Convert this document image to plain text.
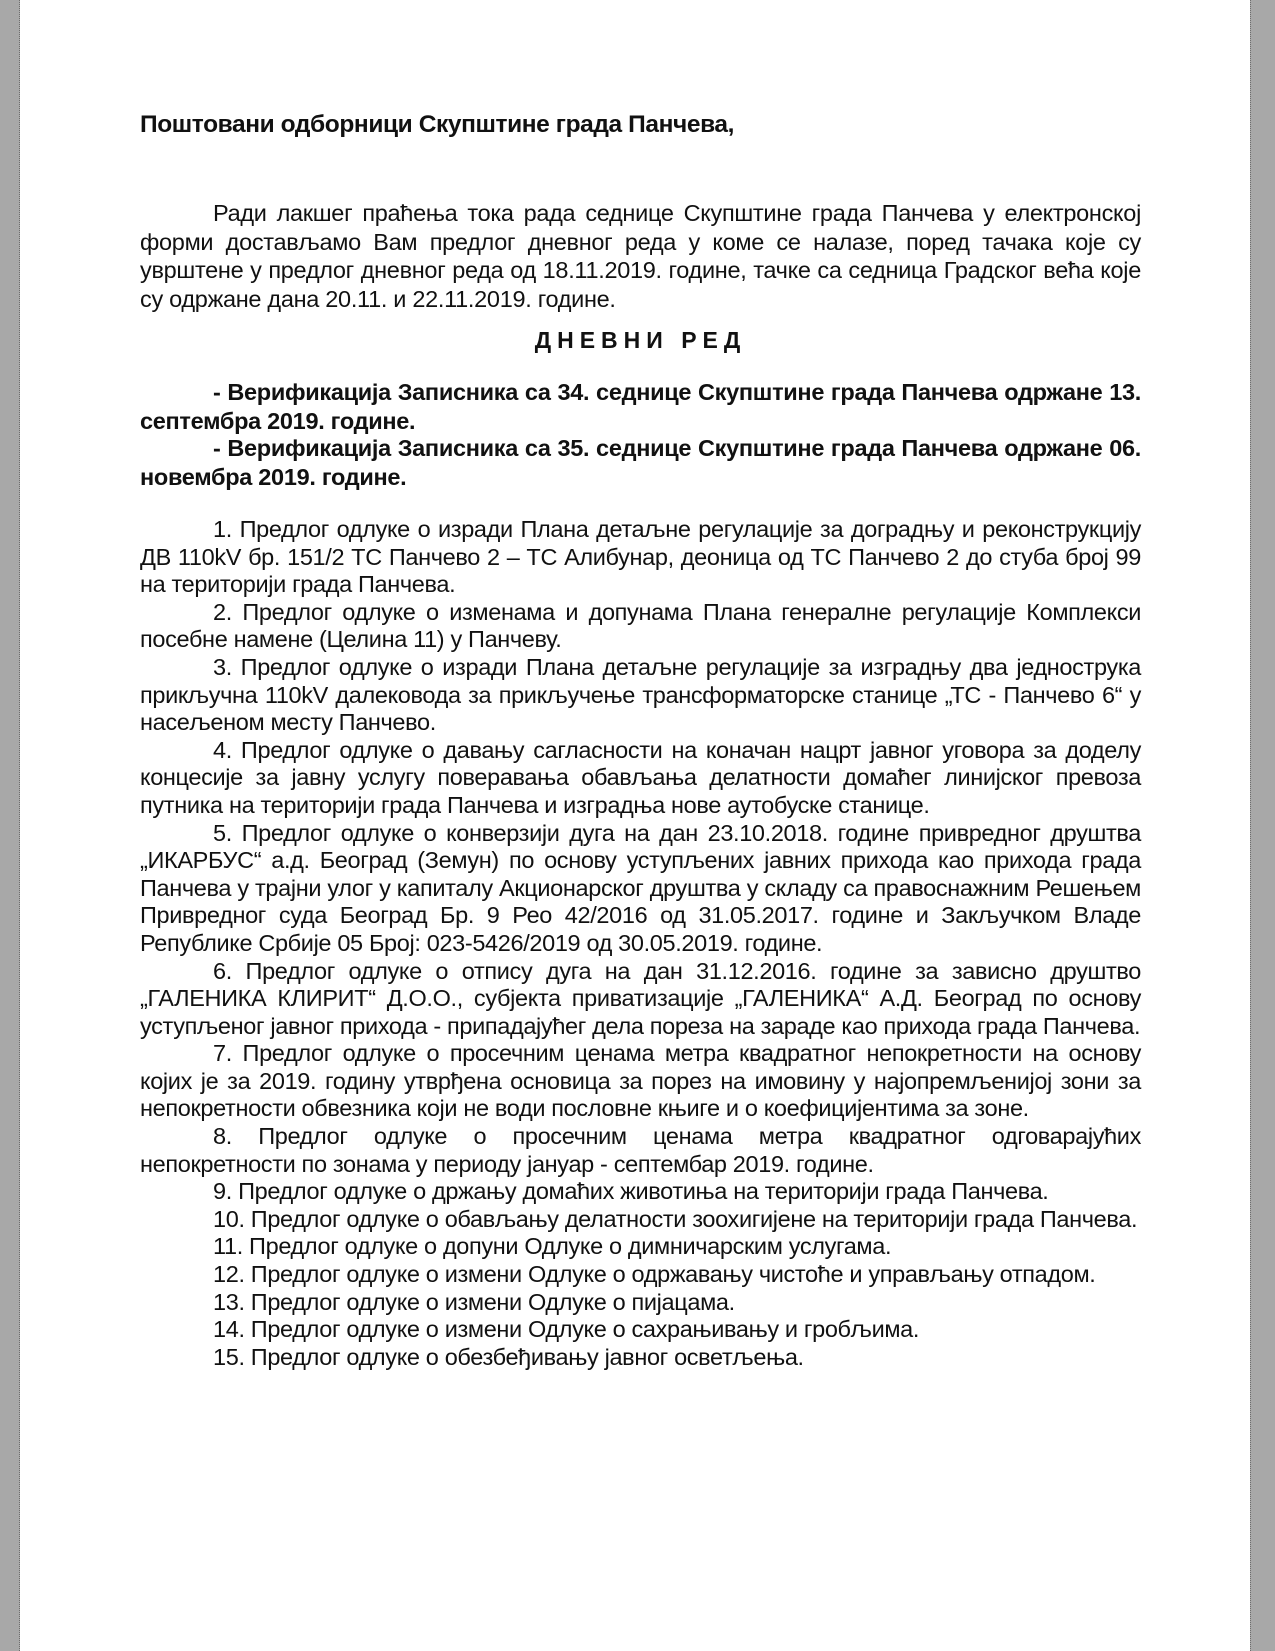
Поштовани одборници Скупштине града Панчева,

Ради лакшег праћења тока рада седнице Скупштине града Панчева у електронској форми достављамо Вам предлог дневног реда у коме се налазе, поред тачака које су уврштене у предлог дневног реда од 18.11.2019. године, тачке са седница Градског већа које су одржане дана 20.11. и 22.11.2019. године.

ДНЕВНИ РЕД

- Верификација Записника са 34. седнице Скупштине града Панчева одржане 13. септембра 2019. године.

- Верификација Записника са 35. седнице Скупштине града Панчева одржане 06. новембра 2019. године.

1. Предлог одлуке о изради Плана детаљне регулације за доградњу и реконструкцију ДВ 110kV бр. 151/2 ТС Панчево 2 – ТС Алибунар, деоница од ТС Панчево 2 до стуба број 99 на територији града Панчева.

2. Предлог одлуке о изменама и допунама Плана генералне регулације Комплекси посебне намене (Целина 11) у Панчеву.

3. Предлог одлуке о изради Плана детаљне регулације за изградњу два једнострука прикључна 110kV далековода за прикључење трансформаторске станице „ТС - Панчево 6“ у насељеном месту Панчево.

4. Предлог одлуке о давању сагласности на коначан нацрт јавног уговора за доделу концесије за јавну услугу поверавања обављања делатности домаћег линијског превоза путника на територији града Панчева и изградња нове аутобуске станице.

5. Предлог одлуке о конверзији дуга на дан 23.10.2018. године привредног друштва „ИКАРБУС“ а.д. Београд (Земун) по основу уступљених јавних прихода као прихода града Панчева у трајни улог у капиталу Акционарског друштва у складу са правоснажним Решењем Привредног суда Београд Бр. 9 Рео 42/2016 од 31.05.2017. године и Закључком Владе Републике Србије 05 Број: 023-5426/2019 од 30.05.2019. године.

6. Предлог одлуке о отпису дуга на дан 31.12.2016. године за зависно друштво „ГАЛЕНИКА КЛИРИТ“ Д.О.О., субјекта приватизације „ГАЛЕНИКА“ А.Д. Београд по основу уступљеног јавног прихода - припадајућег дела пореза на зараде као прихода града Панчева.

7. Предлог одлуке о просечним ценама метра квадратног непокретности на основу којих је за 2019. годину утврђена основица за порез на имовину у најопремљенијој зони за непокретности обвезника који не води пословне књиге и о коефицијентима за зоне.

8. Предлог одлуке о просечним ценама метра квадратног одговарајућих непокретности по зонама у периоду јануар - септембар 2019. године.

9. Предлог одлуке о држању домаћих животиња на територији града Панчева.

10. Предлог одлуке о обављању делатности зоохигијене на територији града Панчева.

11. Предлог одлуке о допуни Одлуке о димничарским услугама.

12. Предлог одлуке о измени Одлуке о одржавању чистоће и управљању отпадом.

13. Предлог одлуке о измени Одлуке о пијацама.

14. Предлог одлуке о измени Одлуке о сахрањивању и гробљима.

15. Предлог одлуке о обезбеђивању јавног осветљења.
